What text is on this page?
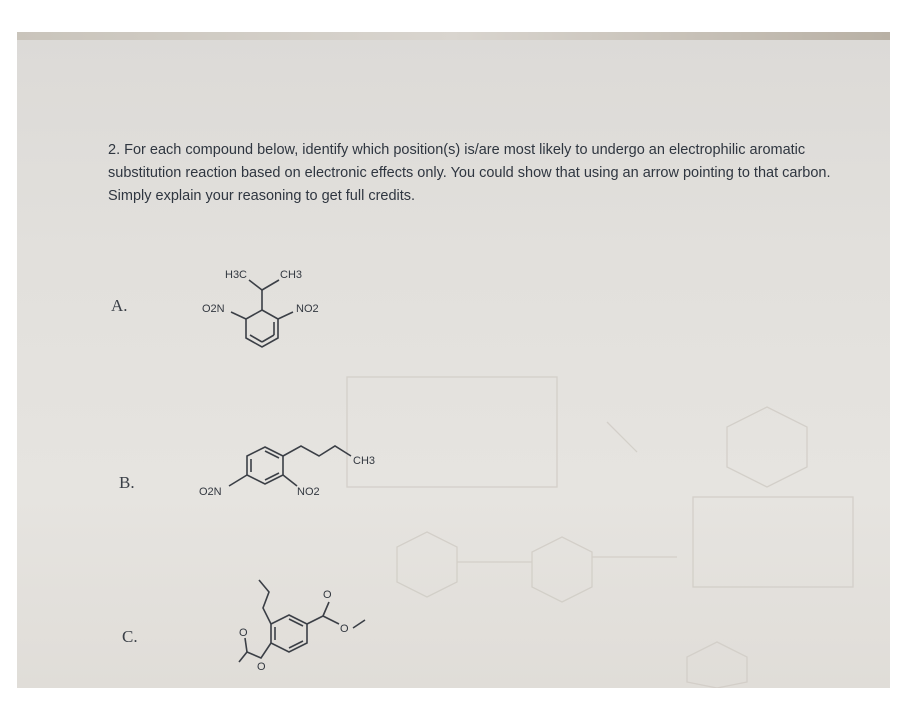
2. For each compound below, identify which position(s) is/are most likely to undergo an electrophilic aromatic substitution reaction based on electronic effects only. You could show that using an arrow pointing to that carbon. Simply explain your reasoning to get full credits.

A.
B.
C.
H3C	CH3
O2N	NO2
CH3
O2N	NO2
O
O
O
O
